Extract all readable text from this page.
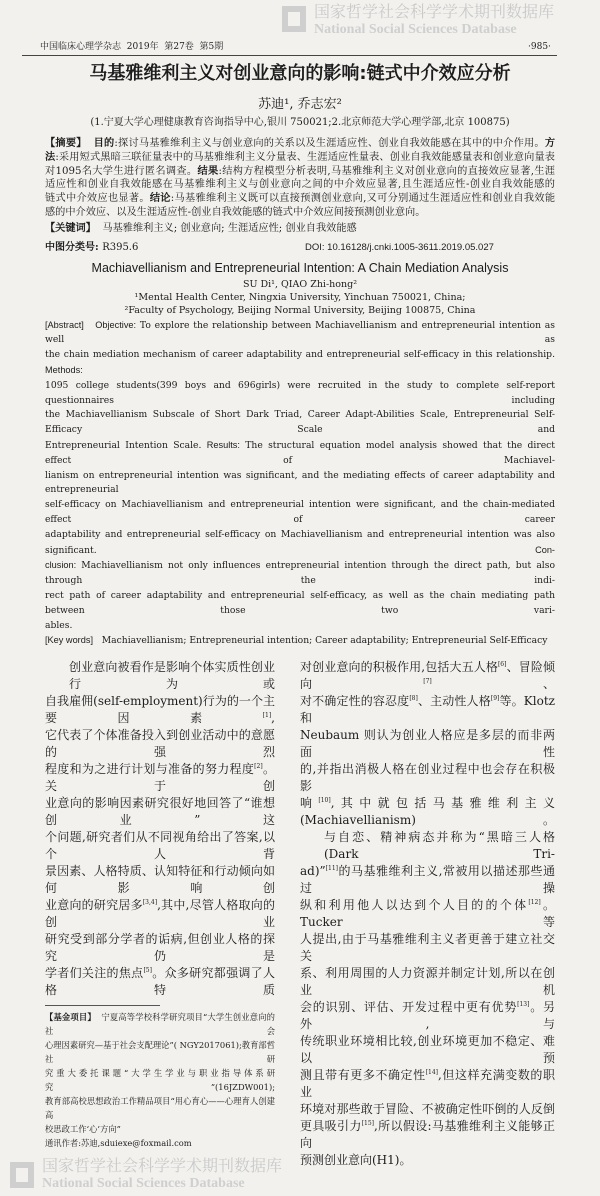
国家哲学社会科学学术期刊数据库
National Social Sciences Database
中国临床心理学杂志  2019年  第27卷  第5期	·985·
马基雅维利主义对创业意向的影响:链式中介效应分析
苏迪¹, 乔志宏²
(1.宁夏大学心理健康教育咨询指导中心,银川 750021;2.北京师范大学心理学部,北京 100875)
【摘要】 目的:探讨马基雅维利主义与创业意向的关系以及生涯适应性、创业自我效能感在其中的中介作用。方
法:采用短式黑暗三联征量表中的马基雅维利主义分量表、生涯适应性量表、创业自我效能感量表和创业意向量表
对1095名大学生进行匿名调查。结果:结构方程模型分析表明,马基雅维利主义对创业意向的直接效应显著,生涯
适应性和创业自我效能感在马基雅维利主义与创业意向之间的中介效应显著,且生涯适应性-创业自我效能感的
链式中介效应也显著。结论:马基雅维利主义既可以直接预测创业意向,又可分别通过生涯适应性和创业自我效能
感的中介效应、以及生涯适应性-创业自我效能感的链式中介效应间接预测创业意向。
【关键词】  马基雅维利主义; 创业意向; 生涯适应性; 创业自我效能感
中图分类号: R395.6	DOI: 10.16128/j.cnki.1005-3611.2019.05.027
Machiavellianism and Entrepreneurial Intention: A Chain Mediation Analysis
SU Di¹, QIAO Zhi-hong²
¹Mental Health Center, Ningxia University, Yinchuan 750021, China;
²Faculty of Psychology, Beijing Normal University, Beijing 100875, China
[Abstract] Objective: To explore the relationship between Machiavellianism and entrepreneurial intention as well as
the chain mediation mechanism of career adaptability and entrepreneurial self-efficacy in this relationship. Methods:
1095 college students(399 boys and 696girls) were recruited in the study to complete self-report questionnaires including
the Machiavellianism Subscale of Short Dark Triad, Career Adapt-Abilities Scale, Entrepreneurial Self-Efficacy Scale and
Entrepreneurial Intention Scale. Results: The structural equation model analysis showed that the direct effect of Machiavel-
lianism on entrepreneurial intention was significant, and the mediating effects of career adaptability and entrepreneurial
self-efficacy on Machiavellianism and entrepreneurial intention were significant, and the chain-mediated effect of career
adaptability and entrepreneurial self-efficacy on Machiavellianism and entrepreneurial intention was also significant. Con-
clusion: Machiavellianism not only influences entrepreneurial intention through the direct path, but also through the indi-
rect path of career adaptability and entrepreneurial self-efficacy, as well as the chain mediating path between those two vari-
ables.
[Key words]   Machiavellianism; Entrepreneurial intention; Career adaptability; Entrepreneurial Self-Efficacy
创业意向被看作是影响个体实质性创业行为或
自我雇佣(self-employment)行为的一个主要因素[1],
它代表了个体准备投入到创业活动中的意愿的强烈
程度和为之进行计划与准备的努力程度[2]。关于创
业意向的影响因素研究很好地回答了“谁想创业”这
个问题,研究者们从不同视角给出了答案,以个人背
景因素、人格特质、认知特征和行动倾向如何影响创
业意向的研究居多[3,4],其中,尽管人格取向的创业
研究受到部分学者的诟病,但创业人格的探究仍是
学者们关注的焦点[5]。众多研究都强调了人格特质
【基金项目】  宁夏高等学校科学研究项目“大学生创业意向的社会
心理因素研究—基于社会支配理论”( NGY2017061);教育部哲社研
究重大委托课题“大学生学业与职业指导体系研究”(16JZDW001);
教育部高校思想政治工作精品项目“用心育心——心理育人创建高
校思政工作‘心’方向”
通讯作者:苏迪,sduiexe@foxmail.com
国家哲学社会科学学术期刊数据库
National Social Sciences Database
对创业意向的积极作用,包括大五人格[6]、冒险倾向[7]、
对不确定性的容忍度[8]、主动性人格[9]等。Klotz 和
Neubaum 则认为创业人格应是多层的而非两面性
的,并指出消极人格在创业过程中也会存在积极影
响[10],其中就包括马基雅维利主义(Machiavellianism)。
与自恋、精神病态并称为“黑暗三人格(Dark Tri-
ad)”[11]的马基雅维利主义,常被用以描述那些通过操
纵和利用他人以达到个人目的的个体[12]。Tucker等
人提出,由于马基雅维利主义者更善于建立社交关
系、利用周围的人力资源并制定计划,所以在创业机
会的识别、评估、开发过程中更有优势[13]。另外,与
传统职业环境相比较,创业环境更加不稳定、难以预
测且带有更多不确定性[14],但这样充满变数的职业
环境对那些敢于冒险、不被确定性吓倒的人反倒
更具吸引力[15],所以假设:马基雅维利主义能够正向
预测创业意向(H1)。
